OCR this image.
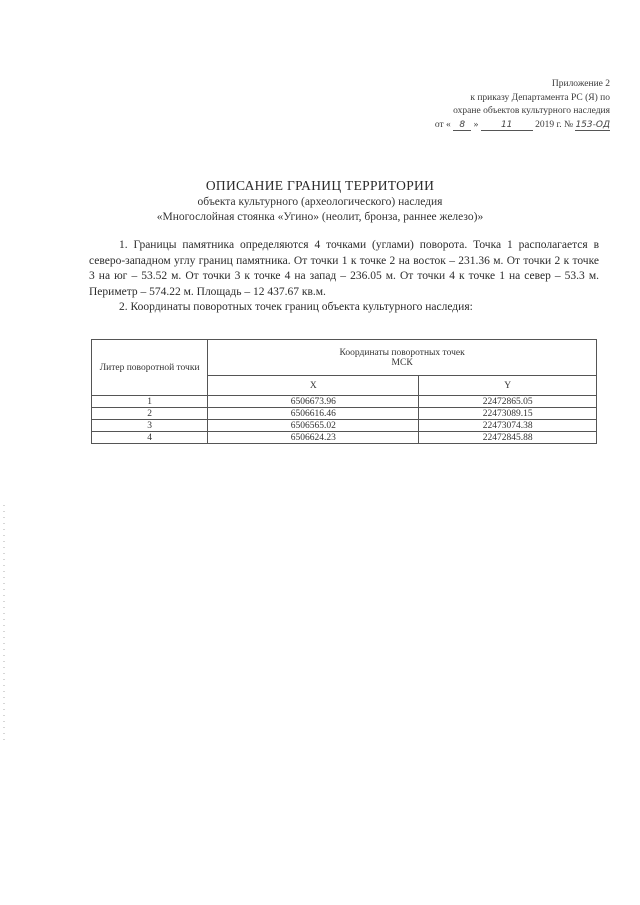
Приложение 2
к приказу Департамента РС (Я) по
охране объектов культурного наследия
от « 8 »	11 2019 г. № 153-ОД
ОПИСАНИЕ ГРАНИЦ ТЕРРИТОРИИ
объекта культурного (археологического) наследия
«Многослойная стоянка «Угино» (неолит, бронза, раннее железо)»

1. Границы памятника определяются 4 точками (углами) поворота. Точка 1 располагается в северо-западном углу границ памятника. От точки 1 к точке 2 на восток – 231.36 м. От точки 2 к точке 3 на юг – 53.52 м. От точки 3 к точке 4 на запад – 236.05 м. От точки 4 к точке 1 на север – 53.3 м. Периметр – 574.22 м. Площадь – 12 437.67 кв.м.

2. Координаты поворотных точек границ объекта культурного наследия:

Литер поворотной точки	Координаты поворотных точек
МСК	

	X	Y
1	6506673.96	22472865.05
2	6506616.46	22473089.15
3	6506565.02	22473074.38
4	6506624.23	22472845.88
